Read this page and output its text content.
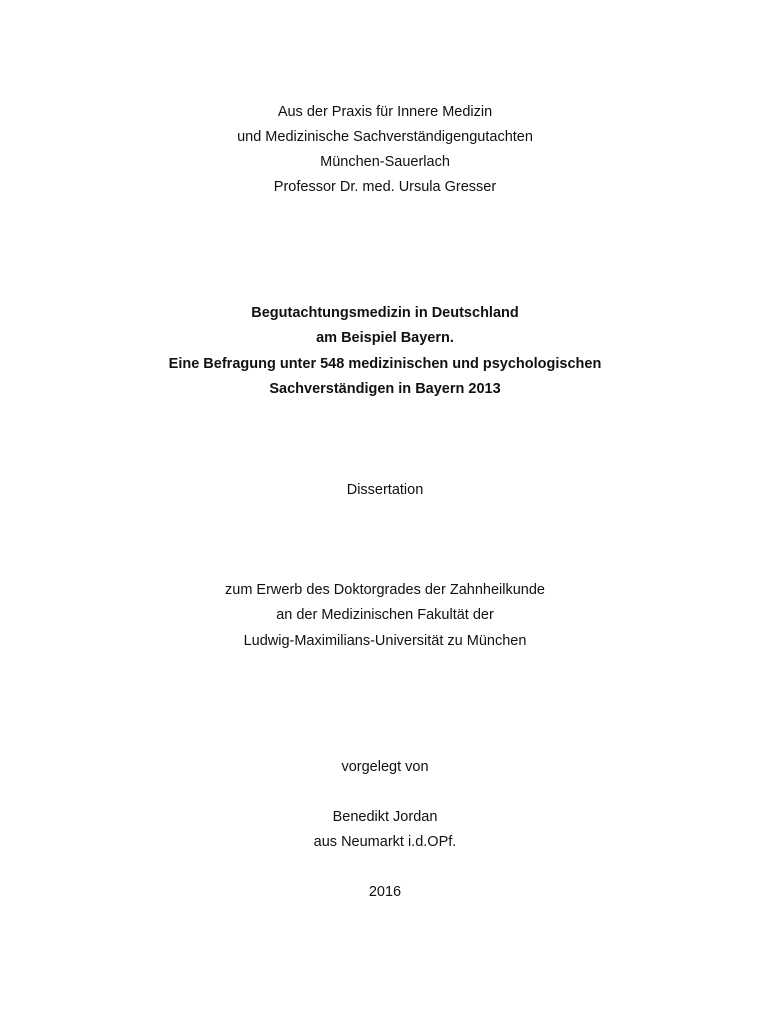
Aus der Praxis für Innere Medizin
und Medizinische Sachverständigengutachten
München-Sauerlach
Professor Dr. med. Ursula Gresser
Begutachtungsmedizin in Deutschland
am Beispiel Bayern.
Eine Befragung unter 548 medizinischen und psychologischen
Sachverständigen in Bayern 2013
Dissertation
zum Erwerb des Doktorgrades der Zahnheilkunde
an der Medizinischen Fakultät der
Ludwig-Maximilians-Universität zu München
vorgelegt von
Benedikt Jordan
aus Neumarkt i.d.OPf.
2016
